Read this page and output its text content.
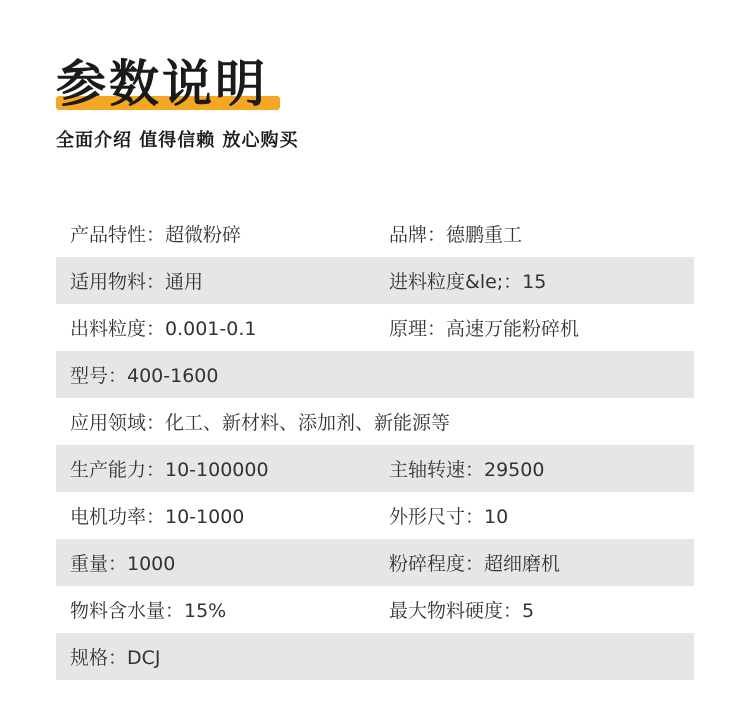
参数说明
全面介绍 值得信赖 放心购买
产品特性：超微粉碎	品牌：德鹏重工
适用物料：通用	进料粒度&le;：15
出料粒度：0.001-0.1	原理：高速万能粉碎机
型号：400-1600
应用领域：化工、新材料、添加剂、新能源等
生产能力：10-100000	主轴转速：29500
电机功率：10-1000	外形尺寸：10
重量：1000	粉碎程度：超细磨机
物料含水量：15%	最大物料硬度：5
规格：DCJ
